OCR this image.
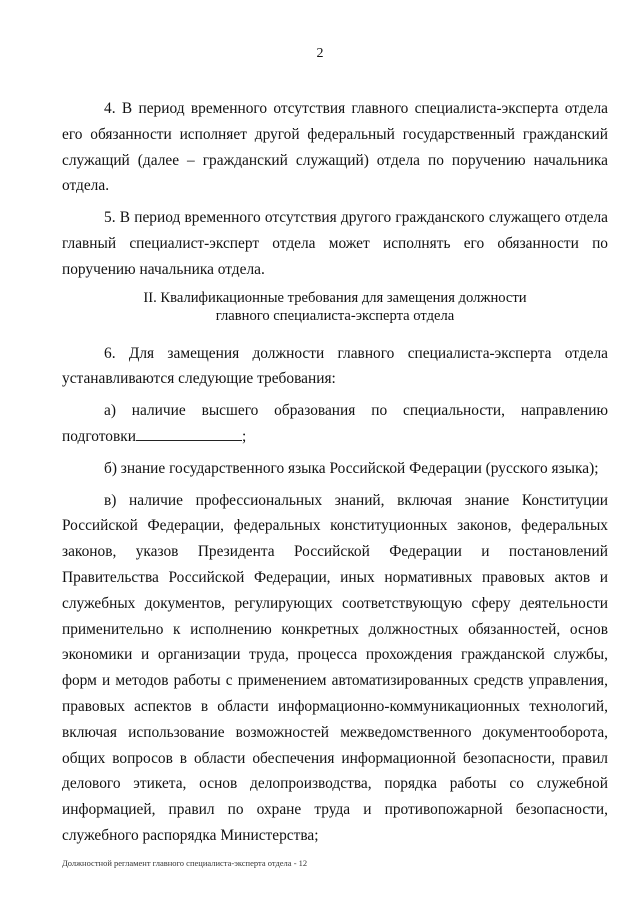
2

4. В период временного отсутствия главного специалиста-эксперта отдела его обязанности исполняет другой федеральный государственный гражданский служащий (далее – гражданский служащий) отдела по поручению начальника отдела.

5. В период временного отсутствия другого гражданского служащего отдела главный специалист-эксперт отдела может исполнять его обязанности по поручению начальника отдела.

II. Квалификационные требования для замещения должности
главного специалиста-эксперта отдела

6. Для замещения должности главного специалиста-эксперта отдела устанавливаются следующие требования:

а) наличие высшего образования по специальности, направлению подготовки	;

б) знание государственного языка Российской Федерации (русского языка);

в) наличие профессиональных знаний, включая знание Конституции Российской Федерации, федеральных конституционных законов, федеральных законов, указов Президента Российской Федерации и постановлений Правительства Российской Федерации, иных нормативных правовых актов и служебных документов, регулирующих соответствующую сферу деятельности применительно к исполнению конкретных должностных обязанностей, основ экономики и организации труда, процесса прохождения гражданской службы, форм и методов работы с применением автоматизированных средств управления, правовых аспектов в области информационно-коммуникационных технологий, включая использование возможностей межведомственного документооборота, общих вопросов в области обеспечения информационной безопасности, правил делового этикета, основ делопроизводства, порядка работы со служебной информацией, правил по охране труда и противопожарной безопасности, служебного распорядка Министерства;

Должностной регламент главного специалиста-эксперта отдела - 12
